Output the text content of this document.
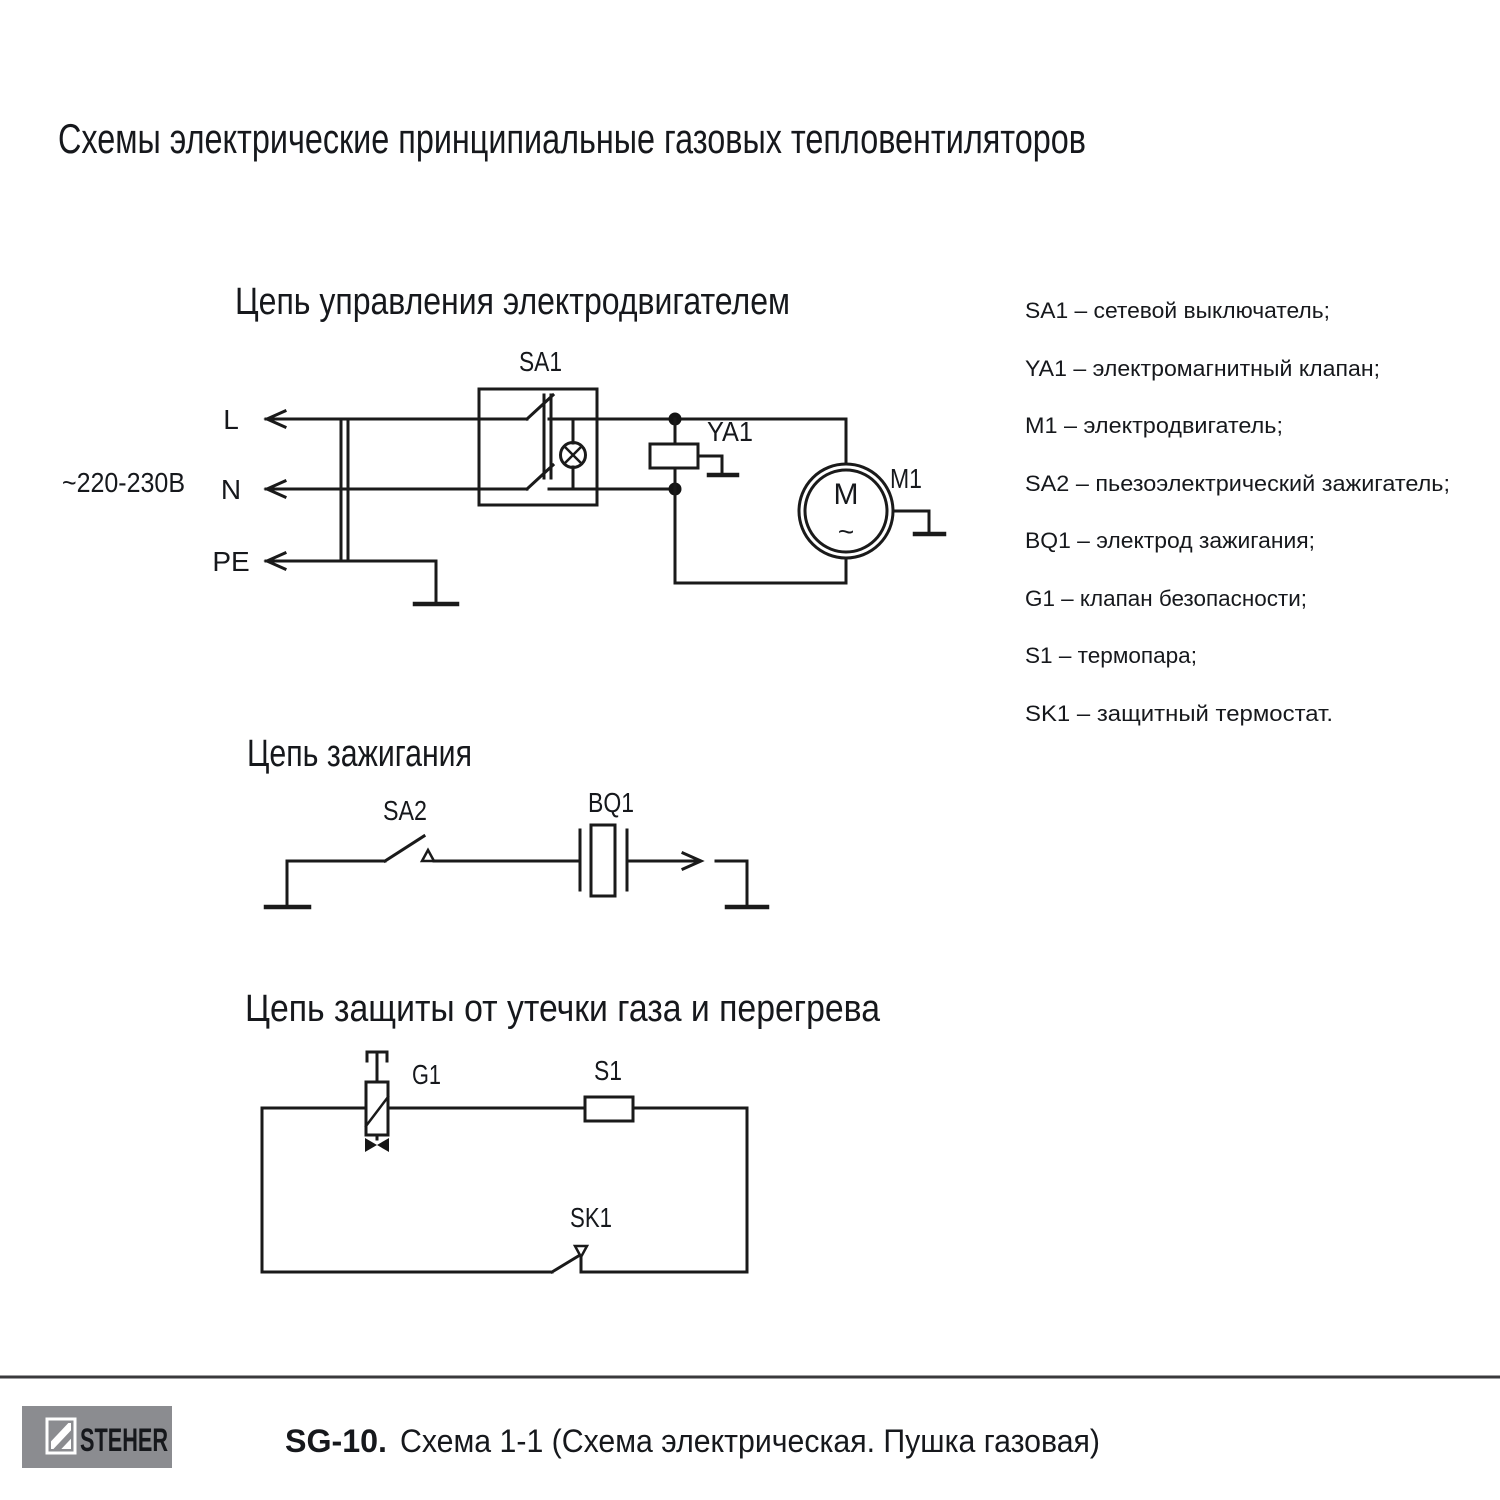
Схемы электрические принципиальные газовых тепловентиляторов
Цепь управления электродвигателем
~220-230В
L
N
PE
SA1
YA1
M
~
M1
Цепь зажигания
SA2	BQ1
Цепь защиты от утечки газа и перегрева
G1	S1
SK1
SA1 – сетевой выключатель;
YA1 – электромагнитный клапан;
M1 – электродвигатель;
SA2 – пьезоэлектрический зажигатель;
BQ1 – электрод зажигания;
G1 – клапан безопасности;
S1 – термопара;
SK1 – защитный термостат.
STEHER	SG-10. Схема 1-1 (Схема электрическая. Пушка газовая)
